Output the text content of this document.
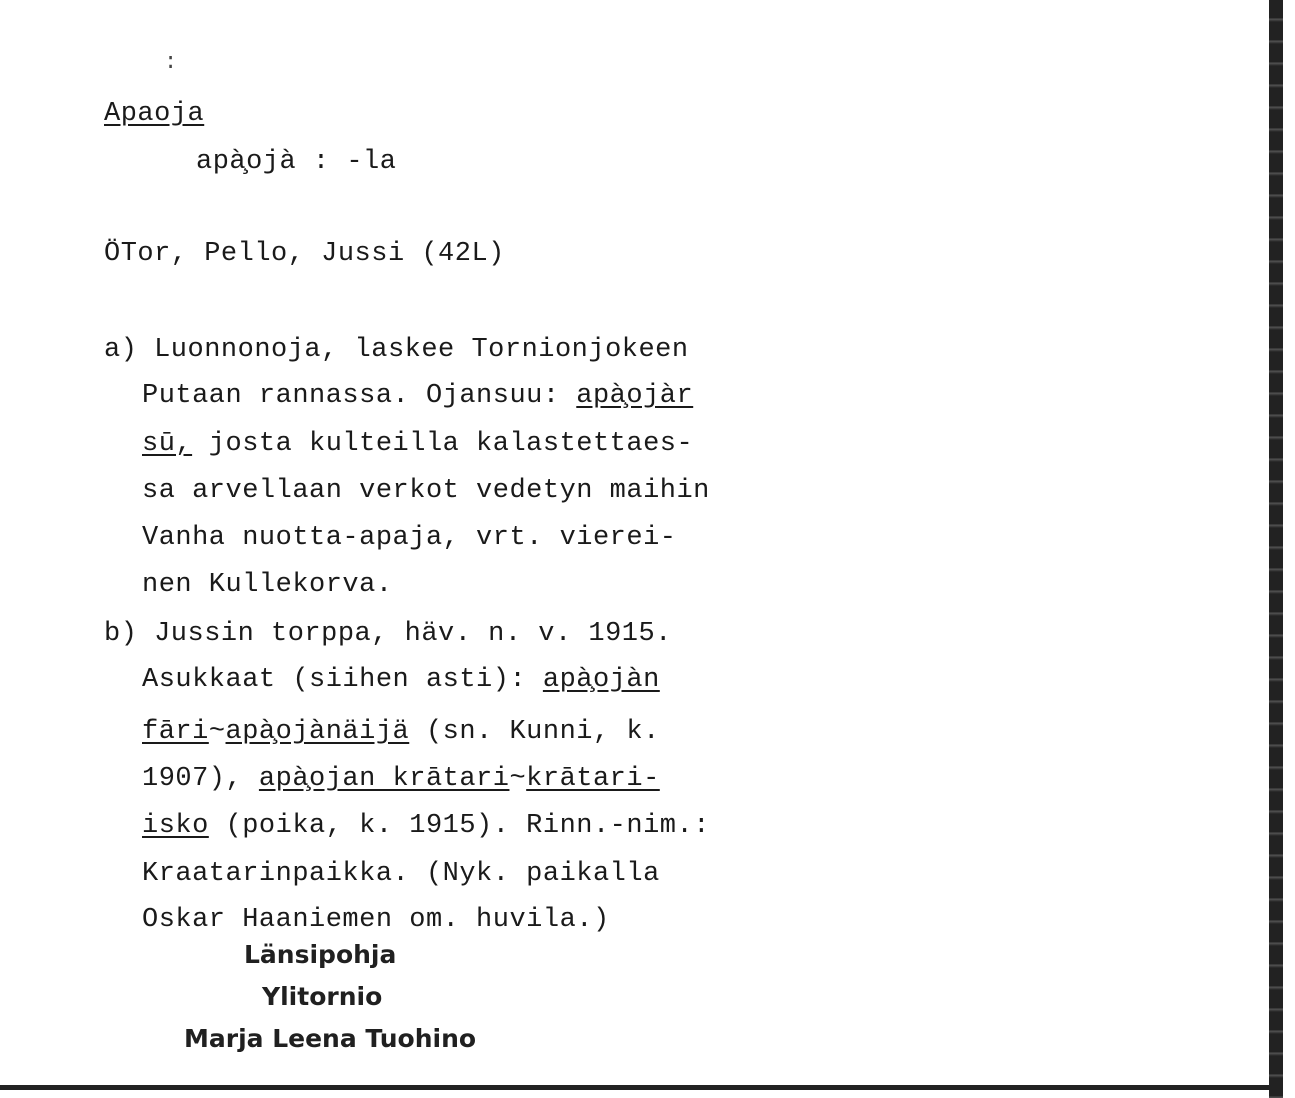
:
Apaoja
apà̧ojà : -la
ÖTor, Pello, Jussi (42L)
a) Luonnonoja, laskee Tornionjokeen
Putaan rannassa. Ojansuu: apà̧ojàr
sū, josta kulteilla kalastettaes-
sa arvellaan verkot vedetyn maihin
Vanha nuotta-apaja, vrt. vierei-
nen Kullekorva.
b) Jussin torppa, häv. n. v. 1915.
Asukkaat (siihen asti): apà̧ojàn
fāri~apà̧ojànäijä (sn. Kunni, k.
1907), apà̧ojan krātari~krātari-
isko (poika, k. 1915). Rinn.-nim.:
Kraatarinpaikka. (Nyk. paikalla
Oskar Haaniemen om. huvila.)
Länsipohja
Ylitornio
Marja Leena Tuohino
